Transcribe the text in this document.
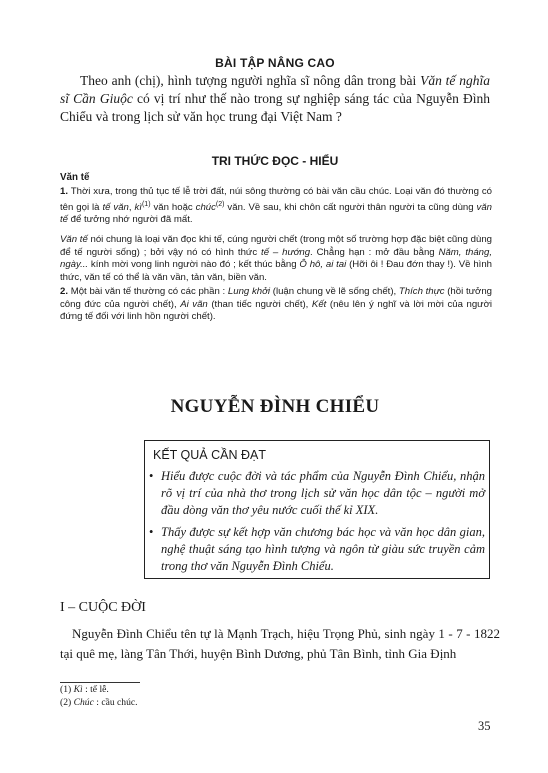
BÀI TẬP NÂNG CAO
Theo anh (chị), hình tượng người nghĩa sĩ nông dân trong bài Văn tế nghĩa sĩ Cần Giuộc có vị trí như thế nào trong sự nghiệp sáng tác của Nguyễn Đình Chiểu và trong lịch sử văn học trung đại Việt Nam ?
TRI THỨC ĐỌC - HIỂU
Văn tế
1. Thời xưa, trong thủ tục tế lễ trời đất, núi sông thường có bài văn cầu chúc. Loại văn đó thường có tên gọi là tế văn, $kì^{(1)}$ văn hoặc chúc$^{(2)}$ văn. Về sau, khi chôn cất người thân người ta cũng dùng văn tế để tưởng nhớ người đã mất.
Văn tế nói chung là loại văn đọc khi tế, cúng người chết (trong một số trường hợp đặc biệt cũng dùng để tế người sống) ; bởi vậy nó có hình thức tế – hướng. Chẳng hạn : mở đầu bằng Năm, tháng, ngày... kính mời vong linh người nào đó ; kết thúc bằng Ô hô, ai tai (Hỡi ôi ! Đau đớn thay !). Về hình thức, văn tế có thể là văn vần, tản văn, biền văn.
2. Một bài văn tế thường có các phần : Lung khởi (luận chung về lẽ sống chết), Thích thực (hồi tưởng công đức của người chết), Ai vãn (than tiếc người chết), Kết (nêu lên ý nghĩ và lời mời của người đứng tế đối với linh hồn người chết).
NGUYỄN ĐÌNH CHIỂU
KẾT QUẢ CẦN ĐẠT
• Hiểu được cuộc đời và tác phẩm của Nguyễn Đình Chiểu, nhận rõ vị trí của nhà thơ trong lịch sử văn học dân tộc – người mở đầu dòng văn thơ yêu nước cuối thế kỉ XIX.
• Thấy được sự kết hợp văn chương bác học và văn học dân gian, nghệ thuật sáng tạo hình tượng và ngôn từ giàu sức truyền cảm trong thơ văn Nguyễn Đình Chiểu.
I – CUỘC ĐỜI
Nguyễn Đình Chiểu tên tự là Mạnh Trạch, hiệu Trọng Phủ, sinh ngày 1 - 7 - 1822 tại quê mẹ, làng Tân Thới, huyện Bình Dương, phủ Tân Bình, tỉnh Gia Định
(1) Kì : tế lễ.
(2) Chúc : cầu chúc.
35
